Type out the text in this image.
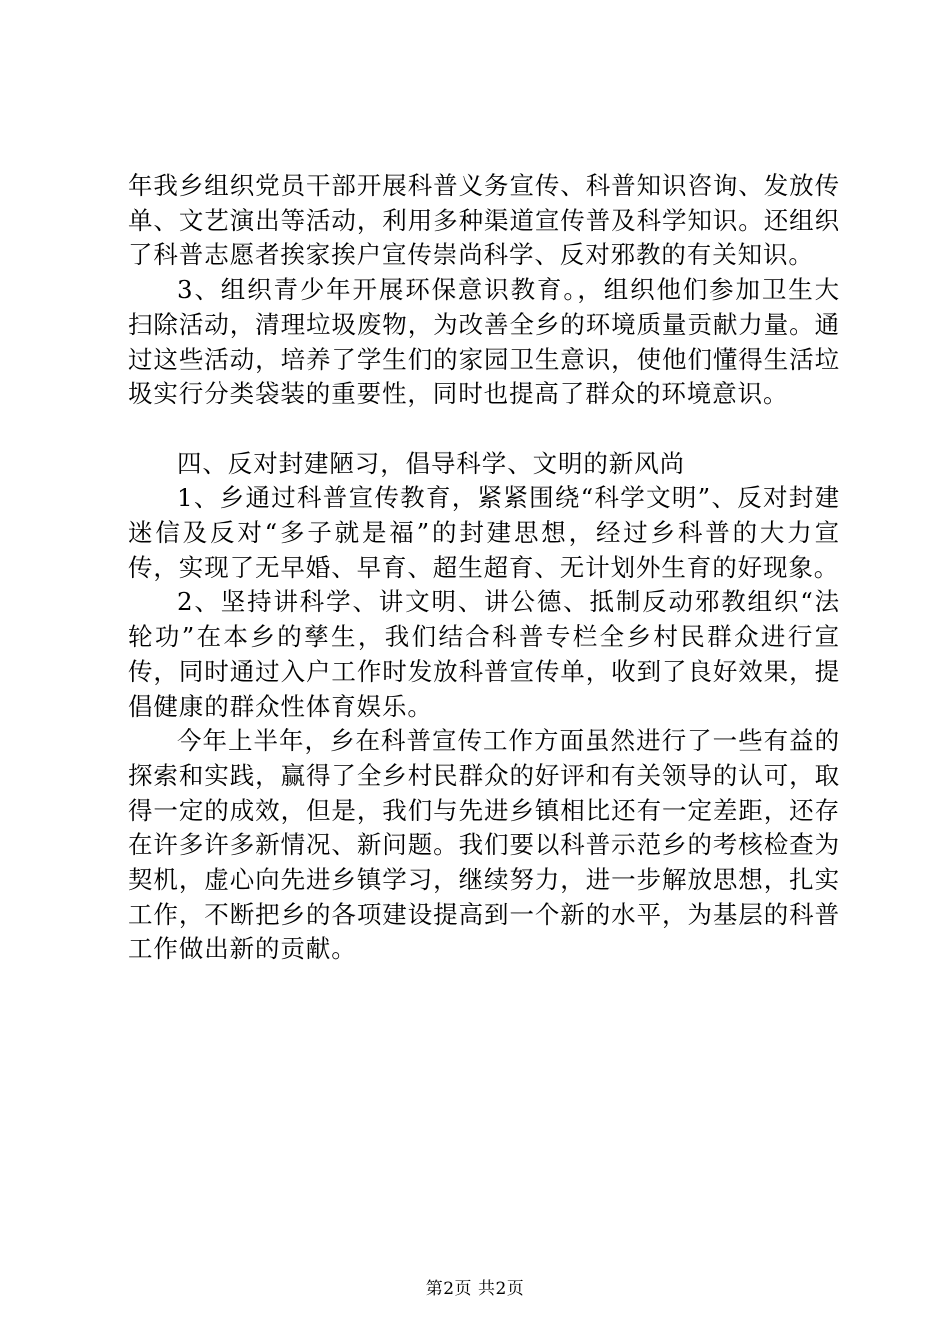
年我乡组织党员干部开展科普义务宣传、科普知识咨询、发放传单、文艺演出等活动，利用多种渠道宣传普及科学知识。还组织了科普志愿者挨家挨户宣传崇尚科学、反对邪教的有关知识。

3、组织青少年开展环保意识教育。，组织他们参加卫生大扫除活动，清理垃圾废物，为改善全乡的环境质量贡献力量。通过这些活动，培养了学生们的家园卫生意识，使他们懂得生活垃圾实行分类袋装的重要性，同时也提高了群众的环境意识。

四、反对封建陋习，倡导科学、文明的新风尚

1、乡通过科普宣传教育，紧紧围绕“科学文明”、反对封建迷信及反对“多子就是福”的封建思想，经过乡科普的大力宣传，实现了无早婚、早育、超生超育、无计划外生育的好现象。

2、坚持讲科学、讲文明、讲公德、抵制反动邪教组织“法轮功”在本乡的孳生，我们结合科普专栏全乡村民群众进行宣传，同时通过入户工作时发放科普宣传单，收到了良好效果，提倡健康的群众性体育娱乐。

今年上半年，乡在科普宣传工作方面虽然进行了一些有益的探索和实践，赢得了全乡村民群众的好评和有关领导的认可，取得一定的成效，但是，我们与先进乡镇相比还有一定差距，还存在许多许多新情况、新问题。我们要以科普示范乡的考核检查为契机，虚心向先进乡镇学习，继续努力，进一步解放思想，扎实工作，不断把乡的各项建设提高到一个新的水平，为基层的科普工作做出新的贡献。

第2页 共2页
